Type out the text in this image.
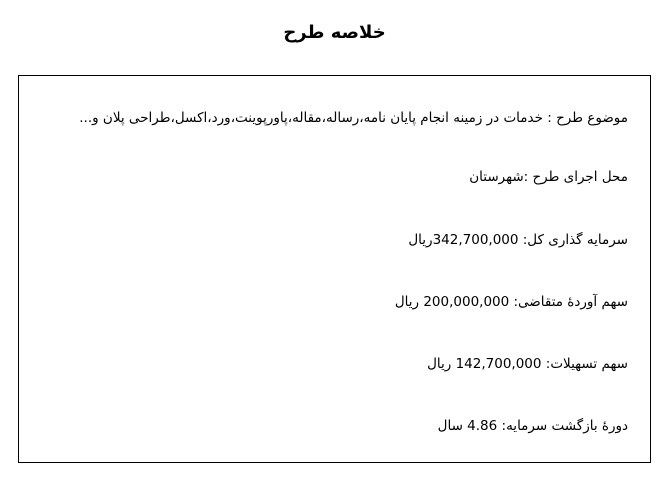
خلاصه طرح
موضوع طرح : خدمات در زمینه انجام پایان نامه،رساله،مقاله،پاورپوینت،ورد،اکسل،طراحی پلان و...
محل اجرای طرح :شهرستان
سرمایه گذاری کل: 342,700,000ریال
سهم آوردهٔ متقاضی: 200,000,000 ریال
سهم تسهیلات: 142,700,000 ریال
دورهٔ بازگشت سرمایه: 4.86 سال
